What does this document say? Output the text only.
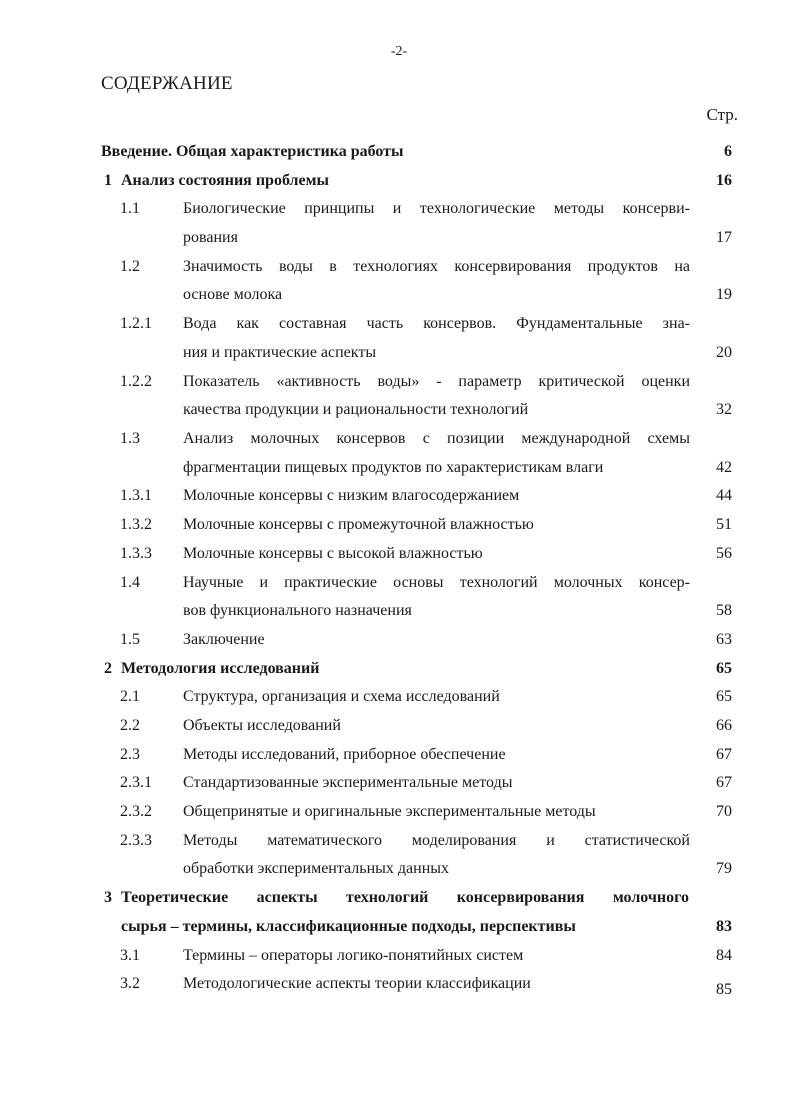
-2-
СОДЕРЖАНИЕ
Стр.
Введение. Общая характеристика работы	6
1 Анализ состояния проблемы	16
1.1	Биологические принципы и технологические методы консерви-
рования	17
1.2	Значимость воды в технологиях консервирования продуктов на
основе молока	19
1.2.1 Вода как составная часть консервов. Фундаментальные зна-
ния и практические аспекты	20
1.2.2 Показатель «активность воды» - параметр критической оценки
качества продукции и рациональности технологий	32
1.3	Анализ молочных консервов с позиции международной схемы
фрагментации пищевых продуктов по характеристикам влаги	42
1.3.1 Молочные консервы с низким влагосодержанием	44
1.3.2 Молочные консервы с промежуточной влажностью	51
1.3.3 Молочные консервы с высокой влажностью	56
1.4	Научные и практические основы технологий молочных консер-
вов функционального назначения	58
1.5	Заключение	63
2 Методология исследований	65
2.1	Структура, организация и схема исследований	65
2.2	Объекты исследований	66
2.3	Методы исследований, приборное обеспечение	67
2.3.1 Стандартизованные экспериментальные методы	67
2.3.2 Общепринятые и оригинальные экспериментальные методы	70
2.3.3 Методы математического моделирования и статистической
обработки экспериментальных данных	79
3 Теоретические аспекты технологий консервирования молочного
сырья – термины, классификационные подходы, перспективы	83
3.1	Термины – операторы логико-понятийных систем	84
3.2	Методологические аспекты теории классификации	85
